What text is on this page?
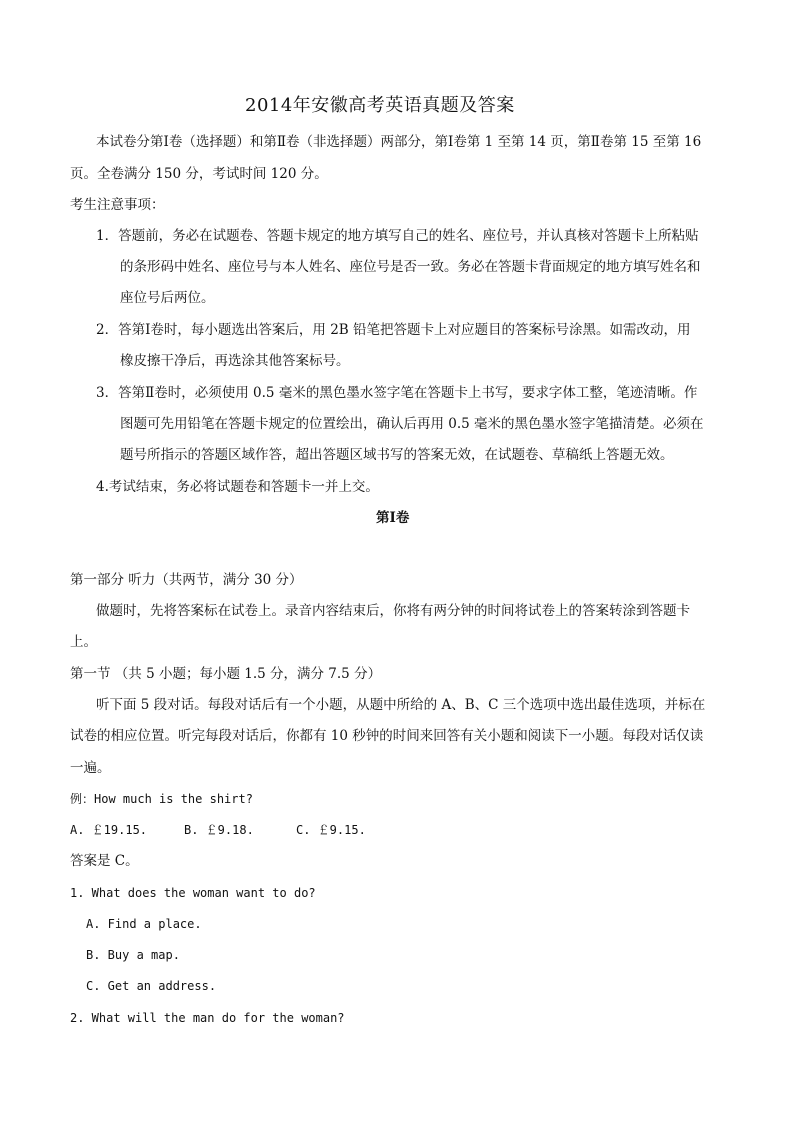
2014年安徽高考英语真题及答案
本试卷分第Ⅰ卷（选择题）和第Ⅱ卷（非选择题）两部分，第Ⅰ卷第 1 至第 14 页，第Ⅱ卷第 15 至第 16
页。全卷满分 150 分，考试时间 120 分。
考生注意事项：
1．答题前，务必在试题卷、答题卡规定的地方填写自己的姓名、座位号，并认真核对答题卡上所粘贴
的条形码中姓名、座位号与本人姓名、座位号是否一致。务必在答题卡背面规定的地方填写姓名和
座位号后两位。
2．答第Ⅰ卷时，每小题选出答案后，用 2B 铅笔把答题卡上对应题目的答案标号涂黑。如需改动，用
橡皮擦干净后，再选涂其他答案标号。
3．答第Ⅱ卷时，必须使用 0.5 毫米的黑色墨水签字笔在答题卡上书写，要求字体工整，笔迹清晰。作
图题可先用铅笔在答题卡规定的位置绘出，确认后再用 0.5 毫米的黑色墨水签字笔描清楚。必须在
题号所指示的答题区域作答，超出答题区域书写的答案无效，在试题卷、草稿纸上答题无效。
4.考试结束，务必将试题卷和答题卡一并上交。
第Ⅰ卷
第一部分 听力（共两节，满分 30 分）
做题时，先将答案标在试卷上。录音内容结束后，你将有两分钟的时间将试卷上的答案转涂到答题卡
上。
第一节 （共 5 小题；每小题 1.5 分，满分 7.5 分）
听下面 5 段对话。每段对话后有一个小题，从题中所给的 A、B、C 三个选项中选出最佳选项，并标在
试卷的相应位置。听完每段对话后，你都有 10 秒钟的时间来回答有关小题和阅读下一小题。每段对话仅读
一遍。
例：How much is the shirt?
A. ￡19.15.	B. ￡9.18.	C. ￡9.15.
答案是 C。
1. What does the woman want to do?
A. Find a place.
B. Buy a map.
C. Get an address.
2. What will the man do for the woman?
